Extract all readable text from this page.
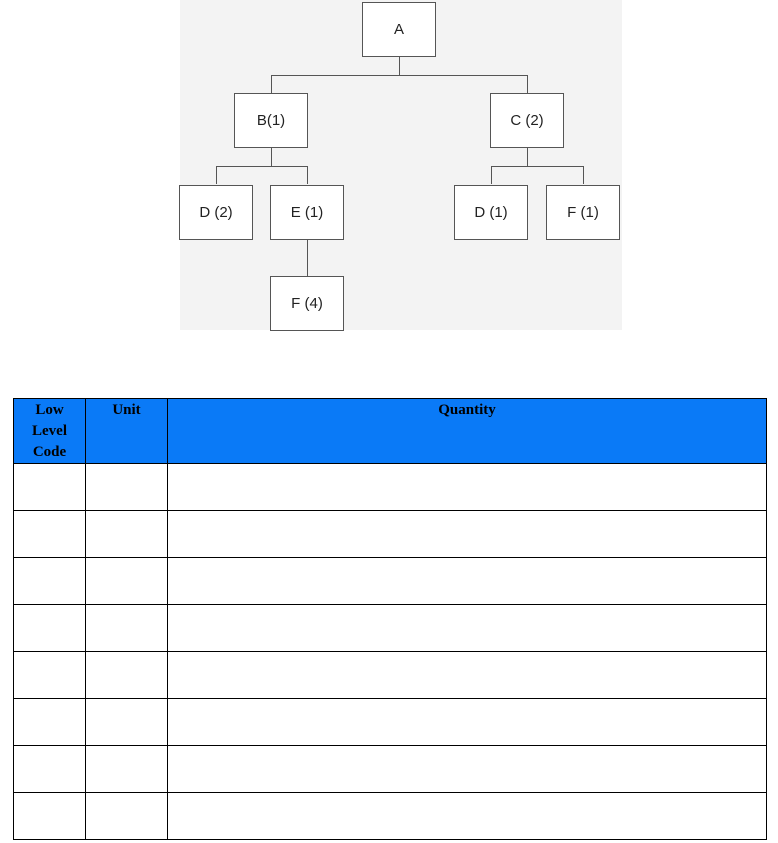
A
B(1)	C (2)
D (2)	E (1)	D (1)	F (1)
F (4)
Low
Level
Code	Unit	Quantity
